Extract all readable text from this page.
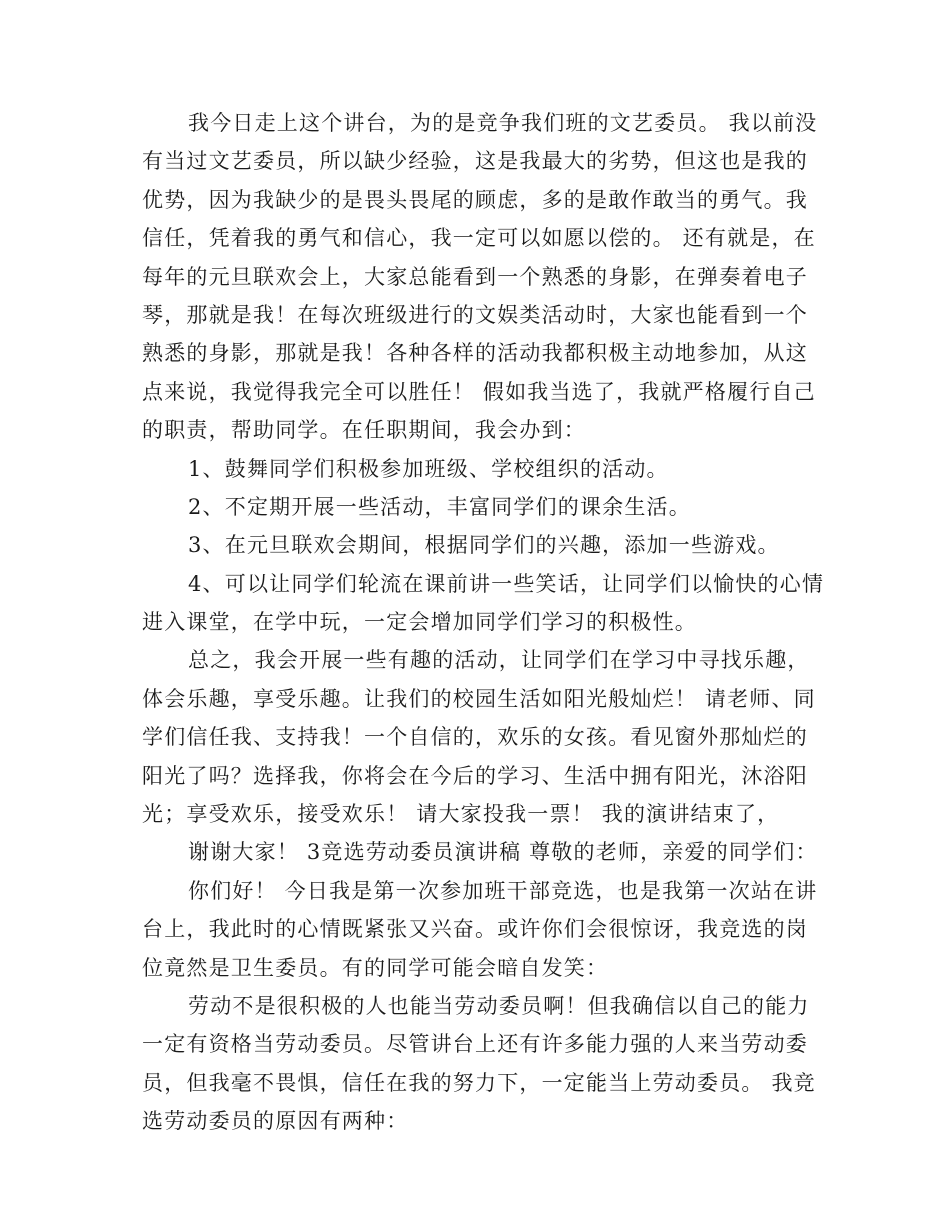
我今日走上这个讲台，为的是竞争我们班的文艺委员。 我以前没
有当过文艺委员，所以缺少经验，这是我最大的劣势，但这也是我的
优势，因为我缺少的是畏头畏尾的顾虑，多的是敢作敢当的勇气。我
信任，凭着我的勇气和信心，我一定可以如愿以偿的。 还有就是，在
每年的元旦联欢会上，大家总能看到一个熟悉的身影，在弹奏着电子
琴，那就是我！在每次班级进行的文娱类活动时，大家也能看到一个
熟悉的身影，那就是我！各种各样的活动我都积极主动地参加，从这
点来说，我觉得我完全可以胜任！ 假如我当选了，我就严格履行自己
的职责，帮助同学。在任职期间，我会办到：
1、鼓舞同学们积极参加班级、学校组织的活动。
2、不定期开展一些活动，丰富同学们的课余生活。
3、在元旦联欢会期间，根据同学们的兴趣，添加一些游戏。
4、可以让同学们轮流在课前讲一些笑话，让同学们以愉快的心情
进入课堂，在学中玩，一定会增加同学们学习的积极性。
总之，我会开展一些有趣的活动，让同学们在学习中寻找乐趣，
体会乐趣，享受乐趣。让我们的校园生活如阳光般灿烂！ 请老师、同
学们信任我、支持我！一个自信的，欢乐的女孩。看见窗外那灿烂的
阳光了吗？选择我，你将会在今后的学习、生活中拥有阳光，沐浴阳
光；享受欢乐，接受欢乐！ 请大家投我一票！ 我的演讲结束了，
谢谢大家！ 3竞选劳动委员演讲稿 尊敬的老师，亲爱的同学们：
你们好！ 今日我是第一次参加班干部竞选，也是我第一次站在讲
台上，我此时的心情既紧张又兴奋。或许你们会很惊讶，我竞选的岗
位竟然是卫生委员。有的同学可能会暗自发笑：
劳动不是很积极的人也能当劳动委员啊！但我确信以自己的能力
一定有资格当劳动委员。尽管讲台上还有许多能力强的人来当劳动委
员，但我毫不畏惧，信任在我的努力下，一定能当上劳动委员。 我竞
选劳动委员的原因有两种：
